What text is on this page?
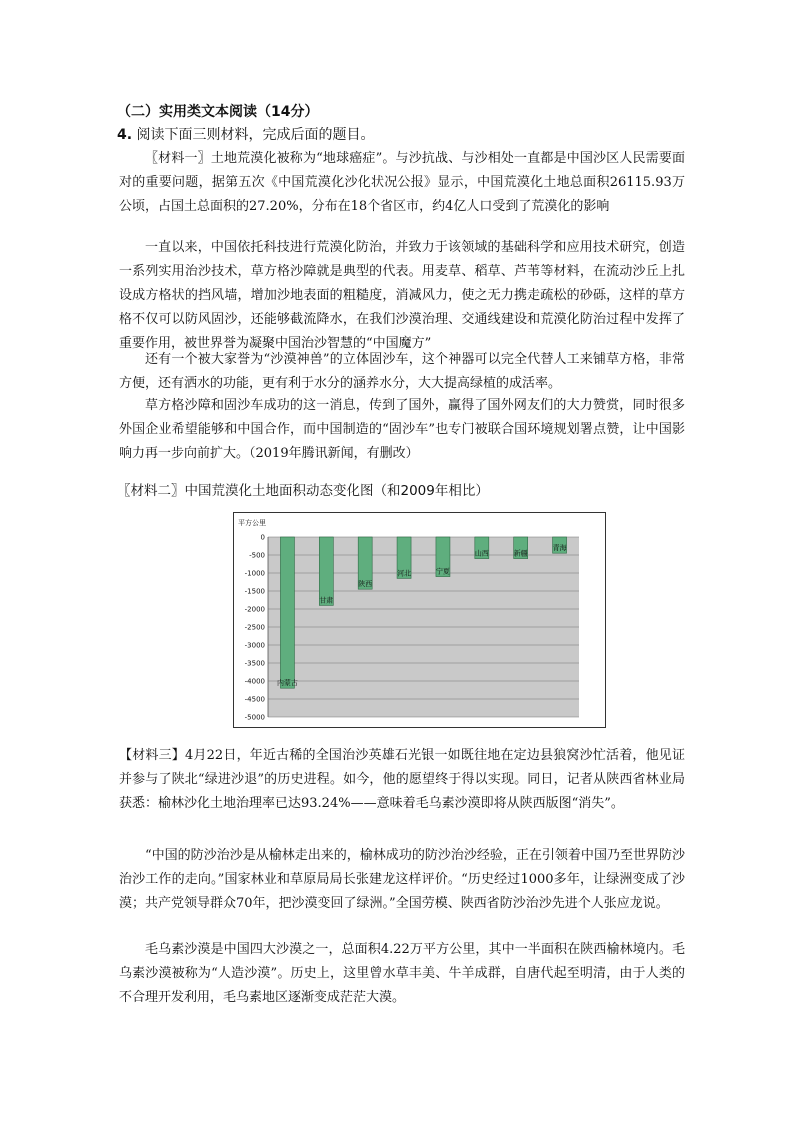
（二）实用类文本阅读（14分）
4. 阅读下面三则材料，完成后面的题目。

〖材料一〗土地荒漠化被称为“地球癌症”。与沙抗战、与沙相处一直都是中国沙区人民需要面对的重要问题，据第五次《中国荒漠化沙化状况公报》显示，中国荒漠化土地总面积26115.93万公顷，占国土总面积的27.20%，分布在18个省区市，约4亿人口受到了荒漠化的影响

一直以来，中国依托科技进行荒漠化防治，并致力于该领域的基础科学和应用技术研究，创造一系列实用治沙技术，草方格沙障就是典型的代表。用麦草、稻草、芦苇等材料，在流动沙丘上扎设成方格状的挡风墙，增加沙地表面的粗糙度，消减风力，使之无力携走疏松的砂砾，这样的草方格不仅可以防风固沙，还能够截流降水，在我们沙漠治理、交通线建设和荒漠化防治过程中发挥了重要作用，被世界誉为凝聚中国治沙智慧的“中国魔方”

还有一个被大家誉为“沙漠神兽”的立体固沙车，这个神器可以完全代替人工来铺草方格，非常方便，还有洒水的功能，更有利于水分的涵养水分，大大提高绿植的成活率。

草方格沙障和固沙车成功的这一消息，传到了国外，赢得了国外网友们的大力赞赏，同时很多外国企业希望能够和中国合作，而中国制造的“固沙车”也专门被联合国环境规划署点赞，让中国影响力再一步向前扩大。（2019年腾讯新闻，有删改）

〖材料二〗中国荒漠化土地面积动态变化图（和2009年相比）
平方公里
0
-500
-1000
-1500
-2000
-2500
-3000
-3500
-4000
-4500
-5000
内蒙古
甘肃
陕西
河北	宁夏
山西	新疆
青海

【材料三】4月22日，年近古稀的全国治沙英雄石光银一如既往地在定边县狼窝沙忙活着，他见证并参与了陕北“绿进沙退”的历史进程。如今，他的愿望终于得以实现。同日，记者从陕西省林业局获悉：榆林沙化土地治理率已达93.24%——意味着毛乌素沙漠即将从陕西版图“消失”。

“中国的防沙治沙是从榆林走出来的，榆林成功的防沙治沙经验，正在引领着中国乃至世界防沙治沙工作的走向。”国家林业和草原局局长张建龙这样评价。“历史经过1000多年，让绿洲变成了沙漠；共产党领导群众70年，把沙漠变回了绿洲。”全国劳模、陕西省防沙治沙先进个人张应龙说。

毛乌素沙漠是中国四大沙漠之一，总面积4.22万平方公里，其中一半面积在陕西榆林境内。毛乌素沙漠被称为“人造沙漠”。历史上，这里曾水草丰美、牛羊成群，自唐代起至明清，由于人类的不合理开发利用，毛乌素地区逐渐变成茫茫大漠。
